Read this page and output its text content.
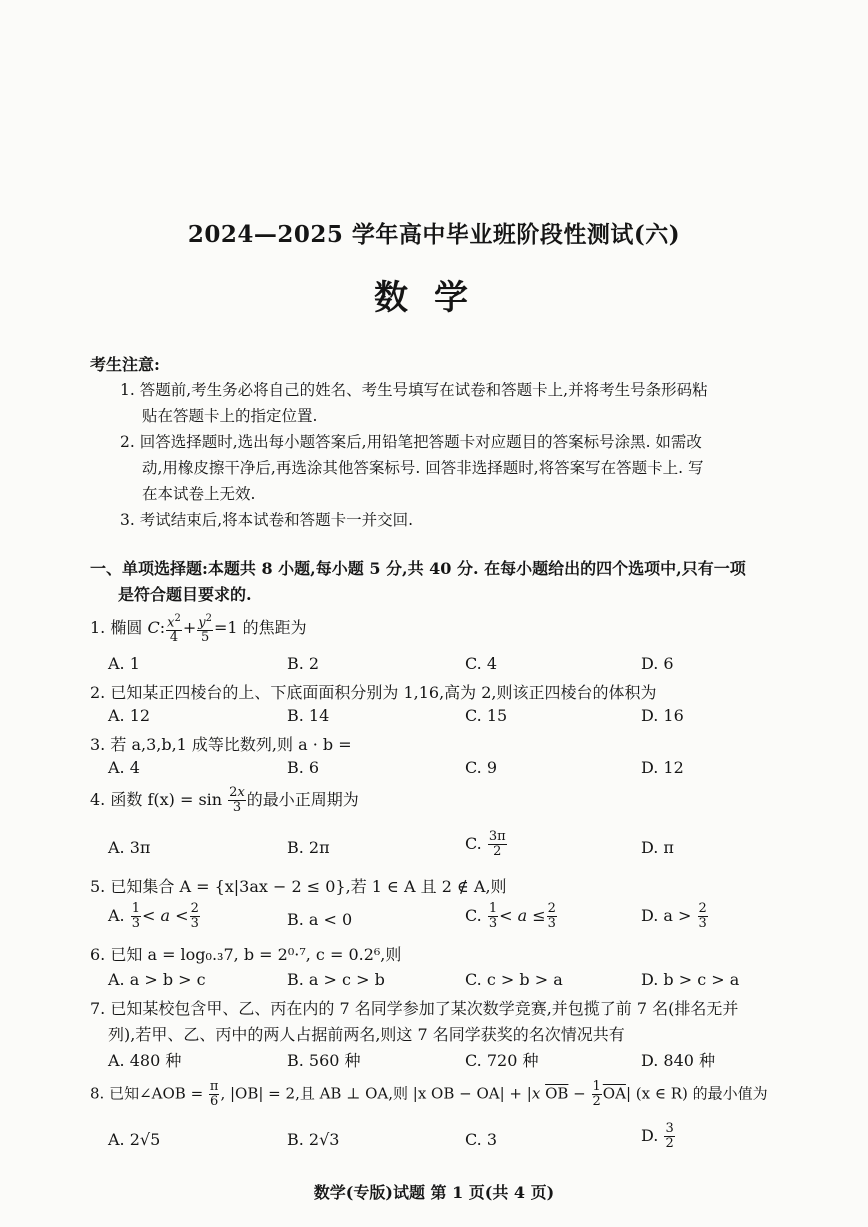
2024—2025 学年高中毕业班阶段性测试(六)
数学
考生注意:
1. 答题前,考生务必将自己的姓名、考生号填写在试卷和答题卡上,并将考生号条形码粘
贴在答题卡上的指定位置.
2. 回答选择题时,选出每小题答案后,用铅笔把答题卡对应题目的答案标号涂黑. 如需改
动,用橡皮擦干净后,再选涂其他答案标号. 回答非选择题时,将答案写在答题卡上. 写
在本试卷上无效.
3. 考试结束后,将本试卷和答题卡一并交回.
一、单项选择题:本题共 8 小题,每小题 5 分,共 40 分. 在每小题给出的四个选项中,只有一项
是符合题目要求的.
1. 椭圆 C: $\frac{x^2}{4} + \frac{y^2}{5} =1$ 的焦距为
A. 1	B. 2	C. 4	D. 6
2. 已知某正四棱台的上、下底面面积分别为 1,16,高为 2,则该正四棱台的体积为
A. 12	B. 14	C. 15	D. 16
3. 若 a,3,b,1 成等比数列,则 a · b =
A. 4	B. 6	C. 9	D. 12
4. 函数 $f(x) = \sin \frac{2x}{3}$ 的最小正周期为
A. 3π	B. 2π	C. $\frac{3\pi}{2}$	D. π
5. 已知集合 A = {x|3ax − 2 ≤ 0},若 1 ∈ A 且 2 ∉ A,则
A. $\frac{1}{3} < a < \frac{2}{3}$	B. a < 0	C. $\frac{1}{3} < a \le \frac{2}{3}$	D. $a > \frac{2}{3}$
6. 已知 a = log₀.₃7, b = 2⁰·⁷, c = 0.2⁶,则
A. a > b > c	B. a > c > b	C. c > b > a	D. b > c > a
7. 已知某校包含甲、乙、丙在内的 7 名同学参加了某次数学竞赛,并包揽了前 7 名(排名无并
列),若甲、乙、丙中的两人占据前两名,则这 7 名同学获奖的名次情况共有
A. 480 种	B. 560 种	C. 720 种	D. 840 种
8. 已知∠AOB = $\frac{\pi}{6}$ , |OB| = 2,且 AB ⊥ OA,则 |x OB − OA| + |x $\overline{OB} - \frac{1}{2} \overline{OA}|$ (x ∈ R) 的最小值为
A. 2√5	B. 2√3	C. 3	D. $\frac{3}{2}$
数学(专版)试题 第 1 页(共 4 页)
